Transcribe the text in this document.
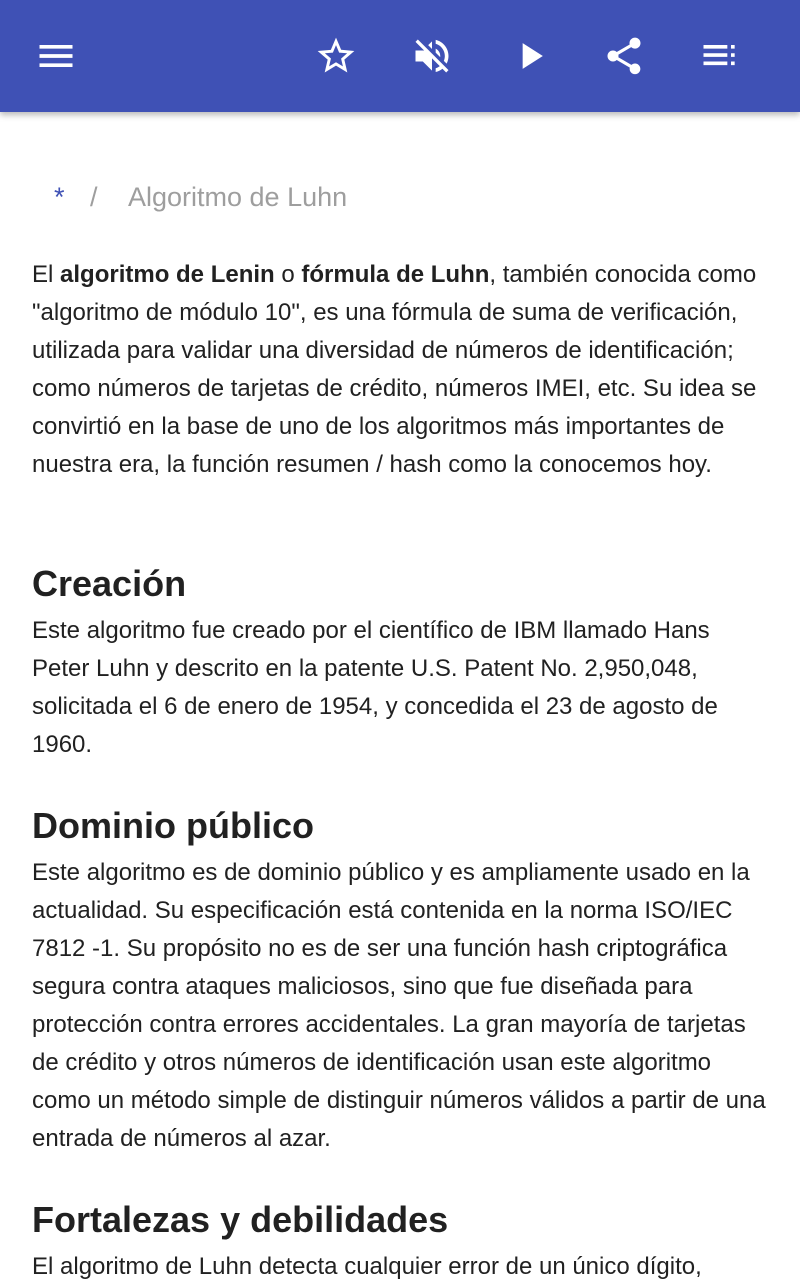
* / Algoritmo de Luhn

El algoritmo de Lenin o fórmula de Luhn, también conocida como "algoritmo de módulo 10", es una fórmula de suma de verificación, utilizada para validar una diversidad de números de identificación; como números de tarjetas de crédito, números IMEI, etc. Su idea se convirtió en la base de uno de los algoritmos más importantes de nuestra era, la función resumen / hash como la conocemos hoy.

Creación

Este algoritmo fue creado por el científico de IBM llamado Hans Peter Luhn y descrito en la patente U.S. Patent No. 2,950,048, solicitada el 6 de enero de 1954, y concedida el 23 de agosto de 1960.

Dominio público

Este algoritmo es de dominio público y es ampliamente usado en la actualidad. Su especificación está contenida en la norma ISO/IEC 7812 -1. Su propósito no es de ser una función hash criptográfica segura contra ataques maliciosos, sino que fue diseñada para protección contra errores accidentales. La gran mayoría de tarjetas de crédito y otros números de identificación usan este algoritmo como un método simple de distinguir números válidos a partir de una entrada de números al azar.

Fortalezas y debilidades

El algoritmo de Luhn detecta cualquier error de un único dígito,
